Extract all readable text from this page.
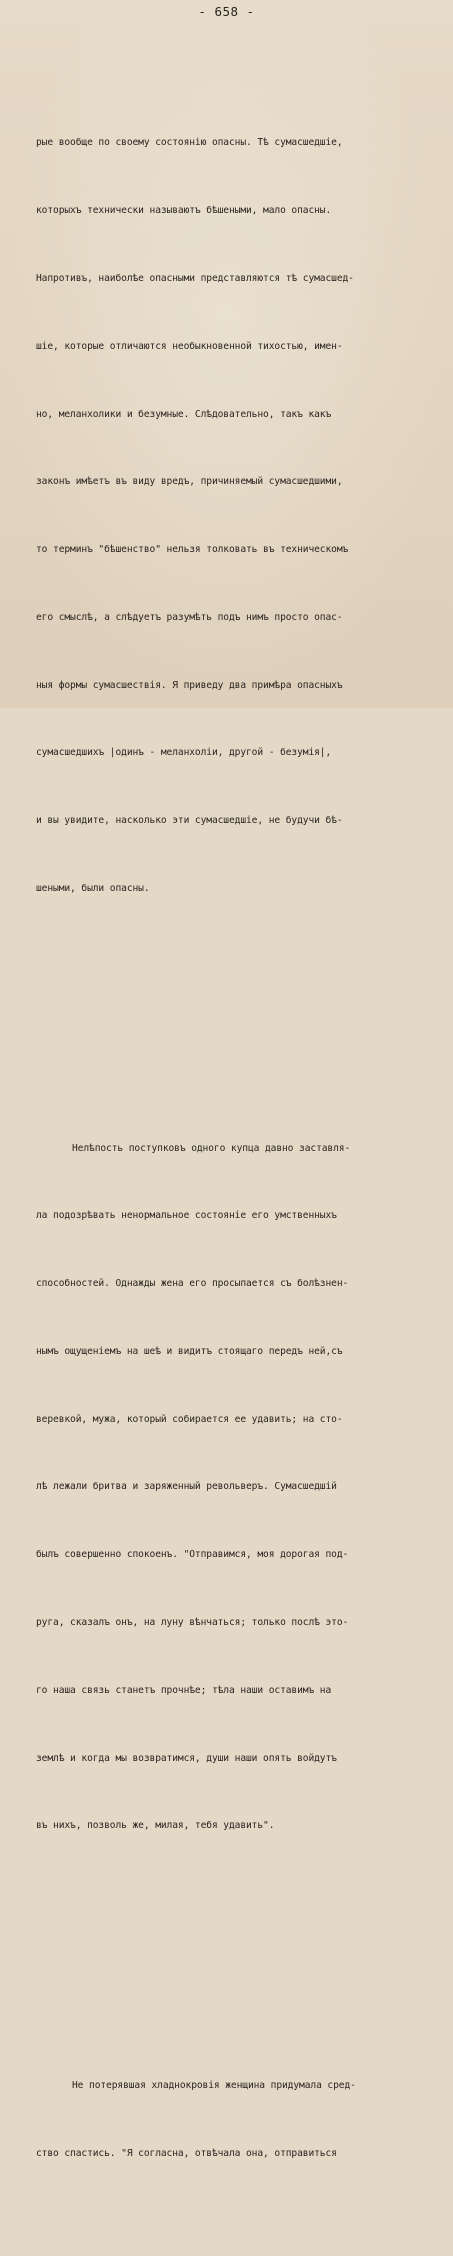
- 658 -

рые вообще по своему состоянію опасны. Тѣ сумасшедшіе,

которыхъ технически называютъ бѣшеными, мало опасны.

Напротивъ, наиболѣе опасными представляются тѣ сумасшед-

шіе, которые отличаются необыкновенной тихостью, имен-

но, меланхолики и безумные. Слѣдовательно, такъ какъ

законъ имѣетъ въ виду вредъ, причиняемый сумасшедшими,

то терминъ "бѣшенство" нельзя толковать въ техническомъ

его смыслѣ, а слѣдуетъ разумѣть подъ нимъ просто опас-

ныя формы сумасшествія. Я приведу два примѣра опасныхъ

сумасшедшихъ |одинъ - меланхоліи, другой - безумія|,

и вы увидите, насколько эти сумасшедшіе, не будучи бѣ-

шеными, были опасны.

Нелѣпость поступковъ одного купца давно заставля-

ла подозрѣвать ненормальное состояніе его умственныхъ

способностей. Однажды жена его просыпается съ болѣзнен-

нымъ ощущеніемъ на шеѣ и видитъ стоящаго передъ ней,съ

веревкой, мужа, который собирается ее удавить; на сто-

лѣ лежали бритва и заряженный револьверъ. Сумасшедшій

былъ совершенно спокоенъ. "Отправимся, моя дорогая под-

руга, сказалъ онъ, на луну вѣнчаться; только послѣ это-

го наша связь станетъ прочнѣе; тѣла наши оставимъ на

землѣ и когда мы возвратимся, души наши опять войдутъ

въ нихъ, позволь же, милая, тебя удавить".

Не потерявшая хладнокровія женщина придумала сред-

ство спастись. "Я согласна, отвѣчала она, отправиться
